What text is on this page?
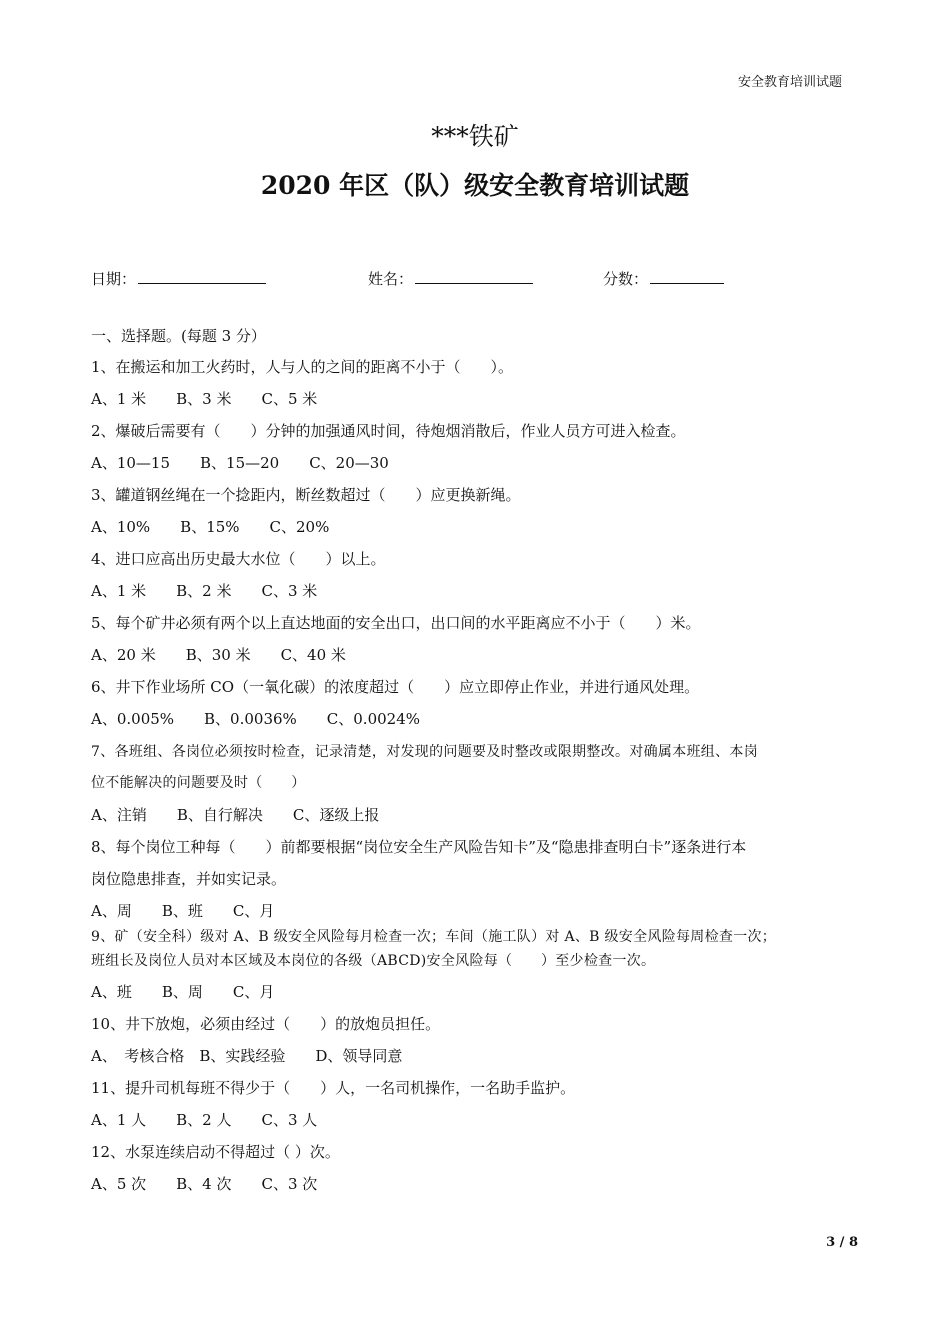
安全教育培训试题
***铁矿
2020 年区（队）级安全教育培训试题
日期：	姓名：	分数：
一、选择题。(每题 3 分）
1、在搬运和加工火药时，人与人的之间的距离不小于（　　）。
A、1 米　　B、3 米　　C、5 米
2、爆破后需要有（　　）分钟的加强通风时间，待炮烟消散后，作业人员方可进入检查。
A、10—15　　B、15—20　　C、20—30
3、罐道钢丝绳在一个捻距内，断丝数超过（　　）应更换新绳。
A、10%　　B、15%　　C、20%
4、进口应高出历史最大水位（　　）以上。
A、1 米　　B、2 米　　C、3 米
5、每个矿井必须有两个以上直达地面的安全出口，出口间的水平距离应不小于（　　）米。
A、20 米　　B、30 米　　C、40 米
6、井下作业场所 CO（一氧化碳）的浓度超过（　　）应立即停止作业，并进行通风处理。
A、0.005%　　B、0.0036%　　C、0.0024%
7、各班组、各岗位必须按时检查，记录清楚，对发现的问题要及时整改或限期整改。对确属本班组、本岗
位不能解决的问题要及时（　　）
A、注销　　B、自行解决　　C、逐级上报
8、每个岗位工种每（　　）前都要根据“岗位安全生产风险告知卡”及“隐患排查明白卡”逐条进行本
岗位隐患排查，并如实记录。
A、周　　B、班　　C、月
9、矿（安全科）级对 A、B 级安全风险每月检查一次；车间（施工队）对 A、B 级安全风险每周检查一次；
班组长及岗位人员对本区域及本岗位的各级（ABCD)安全风险每（　　）至少检查一次。
A、班　　B、周　　C、月
10、井下放炮，必须由经过（　　）的放炮员担任。
A、　考核合格　B、实践经验　　D、领导同意
11、提升司机每班不得少于（　　）人，一名司机操作，一名助手监护。
A、1 人　　B、2 人　　C、3 人
12、水泵连续启动不得超过（ ）次。
A、5 次　　B、4 次　　C、3 次
3 / 8
